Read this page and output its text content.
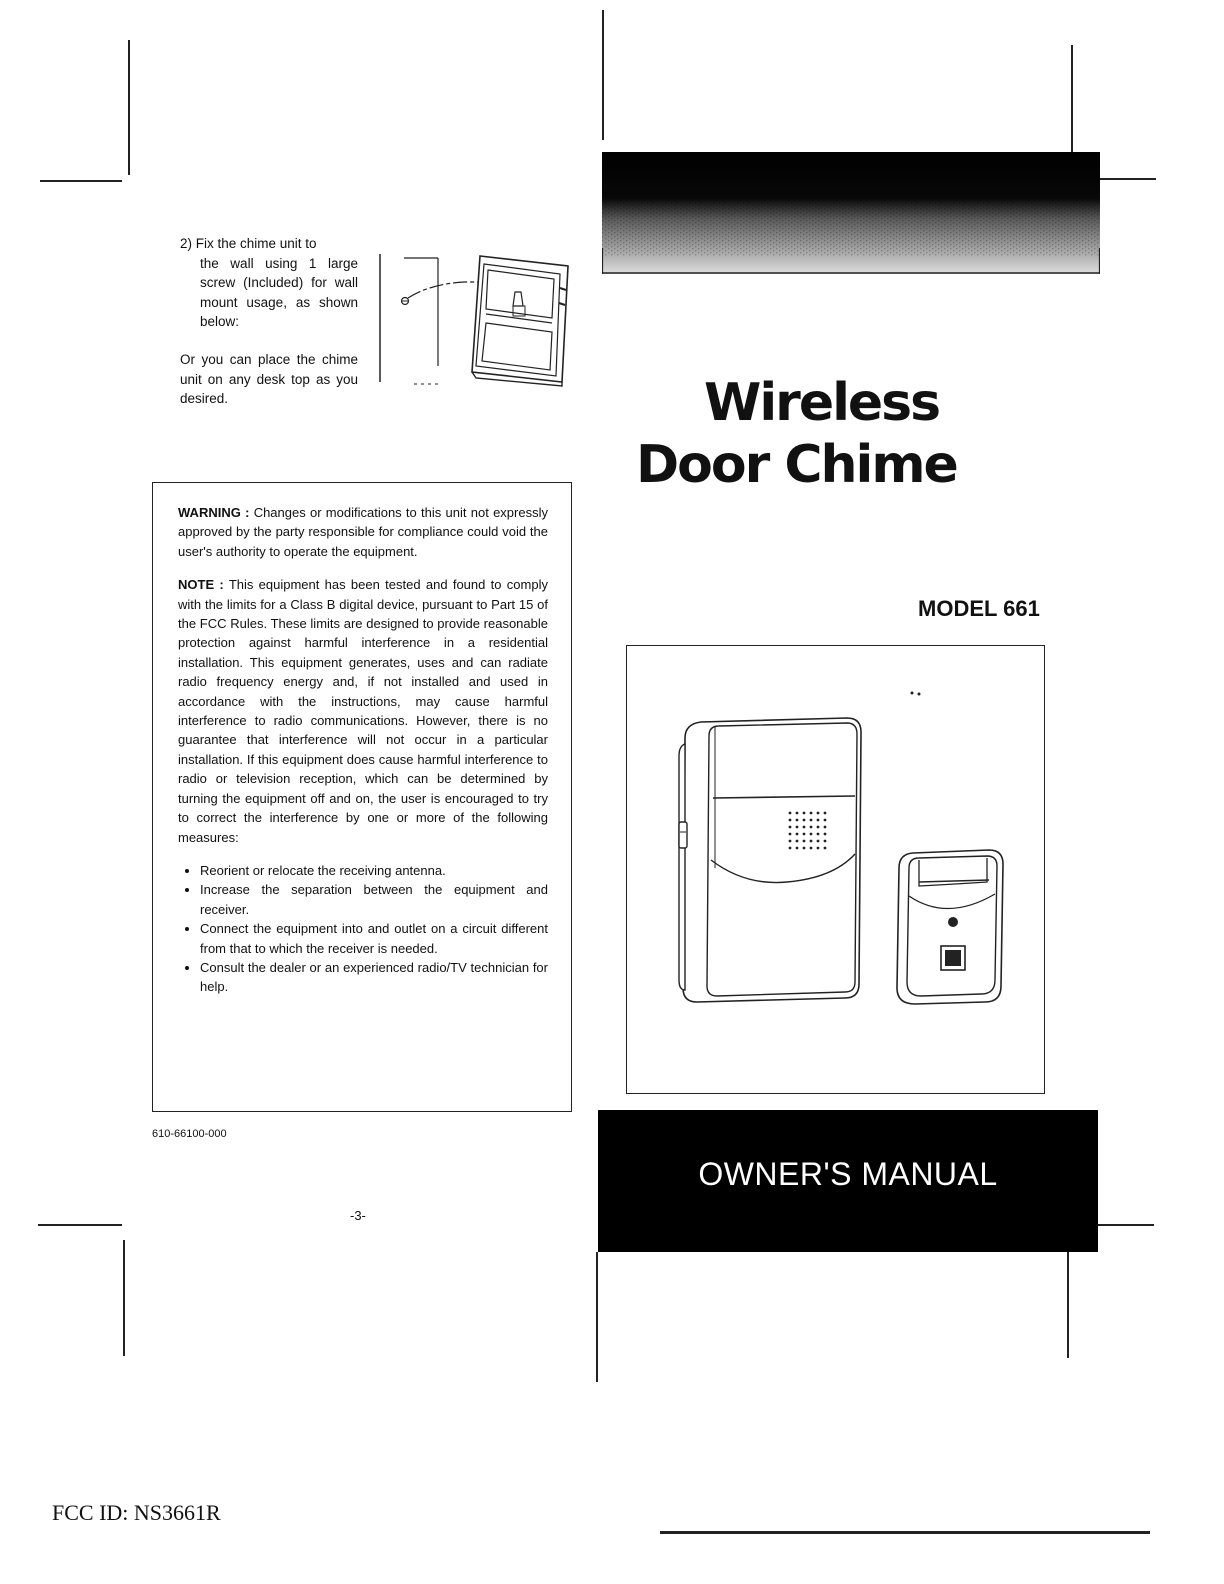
2) Fix the chime unit to

the wall using 1 large screw (Included) for wall mount usage, as shown below:

Or you can place the chime unit on any desk top as you desired.

WARNING : Changes or modifications to this unit not expressly approved by the party responsible for compliance could void the user's authority to operate the equipment.

NOTE : This equipment has been tested and found to comply with the limits for a Class B digital device, pursuant to Part 15 of the FCC Rules. These limits are designed to provide reasonable protection against harmful interference in a residential installation. This equipment generates, uses and can radiate radio frequency energy and, if not installed and used in accordance with the instructions, may cause harmful interference to radio communications. However, there is no guarantee that interference will not occur in a particular installation. If this equipment does cause harmful interference to radio or television reception, which can be determined by turning the equipment off and on, the user is encouraged to try to correct the interference by one or more of the following measures:

• Reorient or relocate the receiving antenna.
• Increase the separation between the equipment and receiver.
• Connect the equipment into and outlet on a circuit different from that to which the receiver is needed.
• Consult the dealer or an experienced radio/TV technician for help.
610-66100-000
-3-
FCC ID: NS3661R
Wireless
Door Chime
MODEL 661
OWNER'S MANUAL
